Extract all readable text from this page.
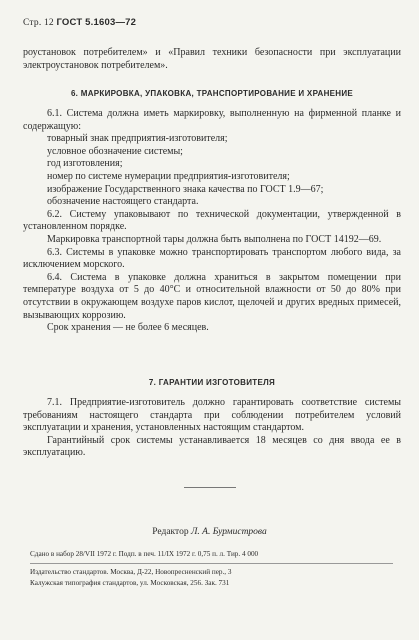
Стр. 12 ГОСТ 5.1603—72

роустановок потребителем» и «Правил техники безопасности при эксплуатации электроустановок потребителем».

6. МАРКИРОВКА, УПАКОВКА, ТРАНСПОРТИРОВАНИЕ И ХРАНЕНИЕ

6.1. Система должна иметь маркировку, выполненную на фирменной планке и содержащую:

товарный знак предприятия-изготовителя;

условное обозначение системы;

год изготовления;

номер по системе нумерации предприятия-изготовителя;

изображение Государственного знака качества по ГОСТ 1.9—67;

обозначение настоящего стандарта.

6.2. Систему упаковывают по технической документации, утвержденной в установленном порядке.

Маркировка транспортной тары должна быть выполнена по ГОСТ 14192—69.

6.3. Системы в упаковке можно транспортировать транспортом любого вида, за исключением морского.

6.4. Система в упаковке должна храниться в закрытом помещении при температуре воздуха от 5 до 40°С и относительной влажности от 50 до 80% при отсутствии в окружающем воздухе паров кислот, щелочей и других вредных примесей, вызывающих коррозию.

Срок хранения — не более 6 месяцев.

7. ГАРАНТИИ ИЗГОТОВИТЕЛЯ

7.1. Предприятие-изготовитель должно гарантировать соответствие системы требованиям настоящего стандарта при соблюдении потребителем условий эксплуатации и хранения, установленных настоящим стандартом.

Гарантийный срок системы устанавливается 18 месяцев со дня ввода ее в эксплуатацию.

Редактор Л. А. Бурмистрова
Сдано в набор 28/VII 1972 г. Подп. в печ. 11/IX 1972 г. 0,75 п. л. Тир. 4 000
Издательство стандартов. Москва, Д-22, Новопресненский пер., 3
Калужская типография стандартов, ул. Московская, 256. Зак. 731
